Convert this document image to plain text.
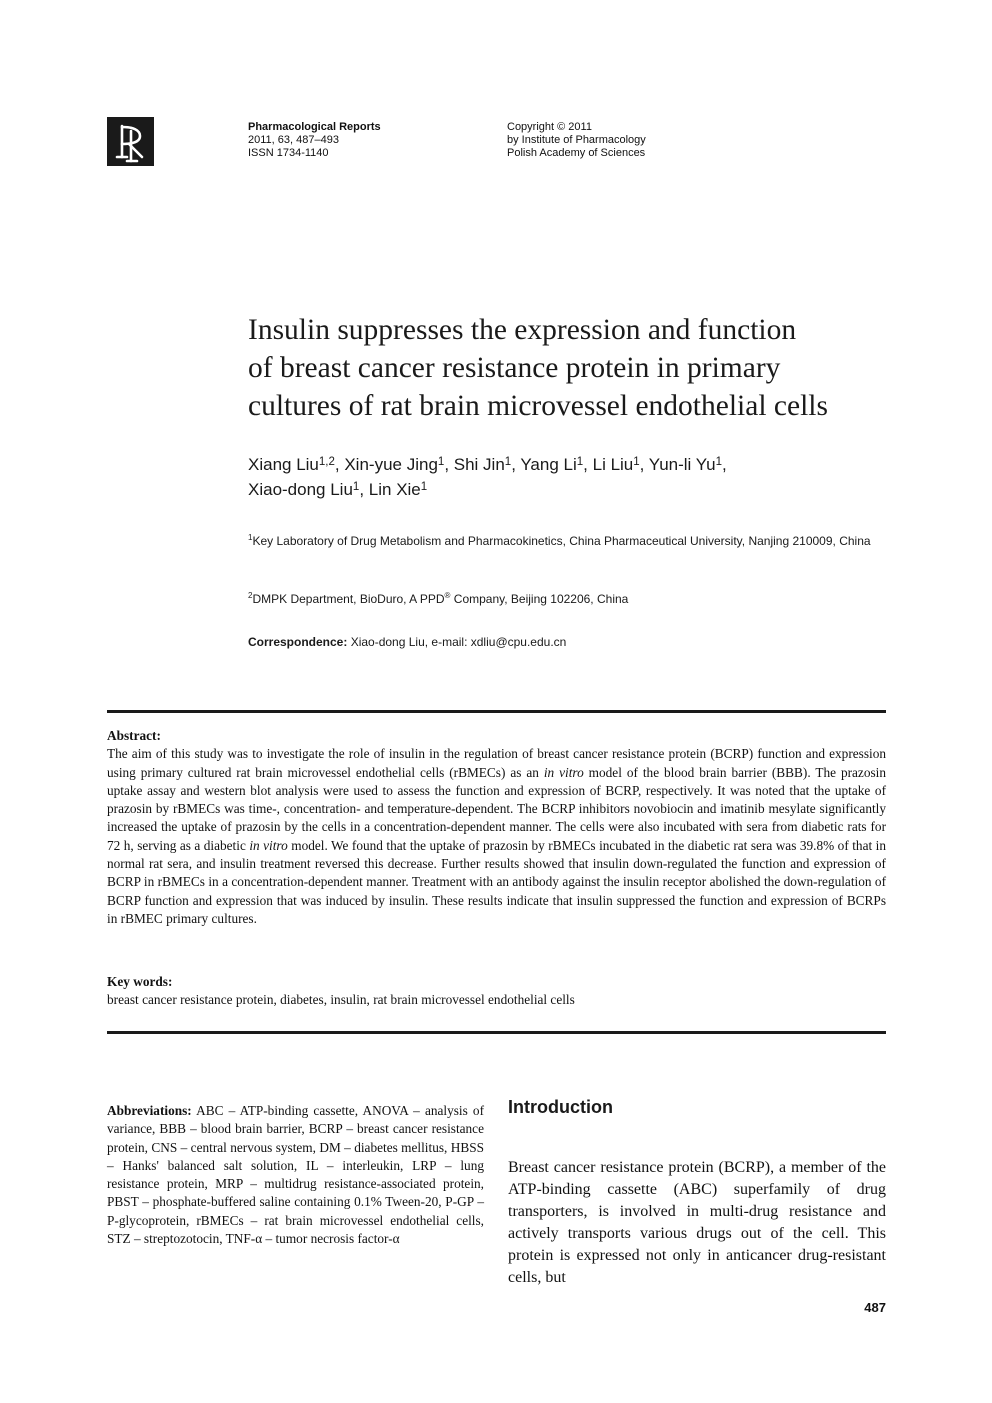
Pharmacological Reports
2011, 63, 487–493
ISSN 1734-1140
Copyright © 2011
by Institute of Pharmacology
Polish Academy of Sciences
Insulin suppresses the expression and function
of breast cancer resistance protein in primary
cultures of rat brain microvessel endothelial cells
Xiang Liu$^{1,2}$, Xin-yue Jing$^1$, Shi Jin$^1$, Yang Li$^1$, Li Liu$^1$, Yun-li Yu$^1$,
Xiao-dong Liu$^1$, Lin Xie$^1$
$^1$Key Laboratory of Drug Metabolism and Pharmacokinetics, China Pharmaceutical University, Nanjing 210009, China
$^2$DMPK Department, BioDuro, A PPD® Company, Beijing 102206, China
Correspondence: Xiao-dong Liu, e-mail: xdliu@cpu.edu.cn
Abstract:
The aim of this study was to investigate the role of insulin in the regulation of breast cancer resistance protein (BCRP) function and expression using primary cultured rat brain microvessel endothelial cells (rBMECs) as an in vitro model of the blood brain barrier (BBB). The prazosin uptake assay and western blot analysis were used to assess the function and expression of BCRP, respectively. It was noted that the uptake of prazosin by rBMECs was time-, concentration- and temperature-dependent. The BCRP inhibitors novobiocin and imatinib mesylate significantly increased the uptake of prazosin by the cells in a concentration-dependent manner. The cells were also incubated with sera from diabetic rats for 72 h, serving as a diabetic in vitro model. We found that the uptake of prazosin by rBMECs incubated in the diabetic rat sera was 39.8% of that in normal rat sera, and insulin treatment reversed this decrease. Further results showed that insulin down-regulated the function and expression of BCRP in rBMECs in a concentration-dependent manner. Treatment with an antibody against the insulin receptor abolished the down-regulation of BCRP function and expression that was induced by insulin. These results indicate that insulin suppressed the function and expression of BCRPs in rBMEC primary cultures.
Key words:
breast cancer resistance protein, diabetes, insulin, rat brain microvessel endothelial cells
Abbreviations: ABC – ATP-binding cassette, ANOVA – analysis of variance, BBB – blood brain barrier, BCRP – breast cancer resistance protein, CNS – central nervous system, DM – diabetes mellitus, HBSS – Hanks' balanced salt solution, IL – interleukin, LRP – lung resistance protein, MRP – multidrug resistance-associated protein, PBST – phosphate-buffered saline containing 0.1% Tween-20, P-GP – P-glycoprotein, rBMECs – rat brain microvessel endothelial cells, STZ – streptozotocin, TNF-α – tumor necrosis factor-α
Introduction
Breast cancer resistance protein (BCRP), a member of the ATP-binding cassette (ABC) superfamily of drug transporters, is involved in multi-drug resistance and actively transports various drugs out of the cell. This protein is expressed not only in anticancer drug-resistant cells, but
487
